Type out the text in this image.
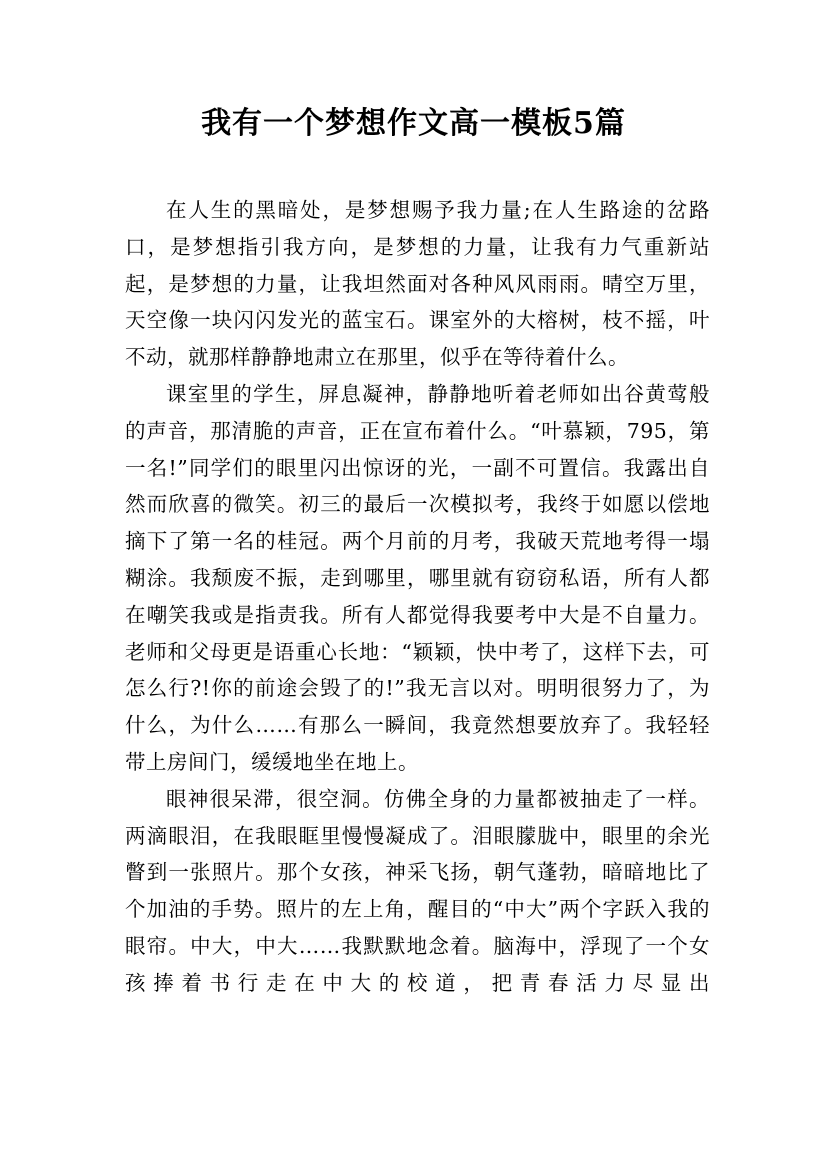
我有一个梦想作文高一模板5篇

在人生的黑暗处，是梦想赐予我力量;在人生路途的岔路口，是梦想指引我方向，是梦想的力量，让我有力气重新站起，是梦想的力量，让我坦然面对各种风风雨雨。晴空万里，天空像一块闪闪发光的蓝宝石。课室外的大榕树，枝不摇，叶不动，就那样静静地肃立在那里，似乎在等待着什么。

课室里的学生，屏息凝神，静静地听着老师如出谷黄莺般的声音，那清脆的声音，正在宣布着什么。“叶慕颖，795，第一名!”同学们的眼里闪出惊讶的光，一副不可置信。我露出自然而欣喜的微笑。初三的最后一次模拟考，我终于如愿以偿地摘下了第一名的桂冠。两个月前的月考，我破天荒地考得一塌糊涂。我颓废不振，走到哪里，哪里就有窃窃私语，所有人都在嘲笑我或是指责我。所有人都觉得我要考中大是不自量力。老师和父母更是语重心长地：“颖颖，快中考了，这样下去，可怎么行?!你的前途会毁了的!”我无言以对。明明很努力了，为什么，为什么……有那么一瞬间，我竟然想要放弃了。我轻轻带上房间门，缓缓地坐在地上。

眼神很呆滞，很空洞。仿佛全身的力量都被抽走了一样。两滴眼泪，在我眼眶里慢慢凝成了。泪眼朦胧中，眼里的余光瞥到一张照片。那个女孩，神采飞扬，朝气蓬勃，暗暗地比了个加油的手势。照片的左上角，醒目的“中大”两个字跃入我的眼帘。中大，中大……我默默地念着。脑海中，浮现了一个女孩捧着书行走在中大的校道，把青春活力尽显出
